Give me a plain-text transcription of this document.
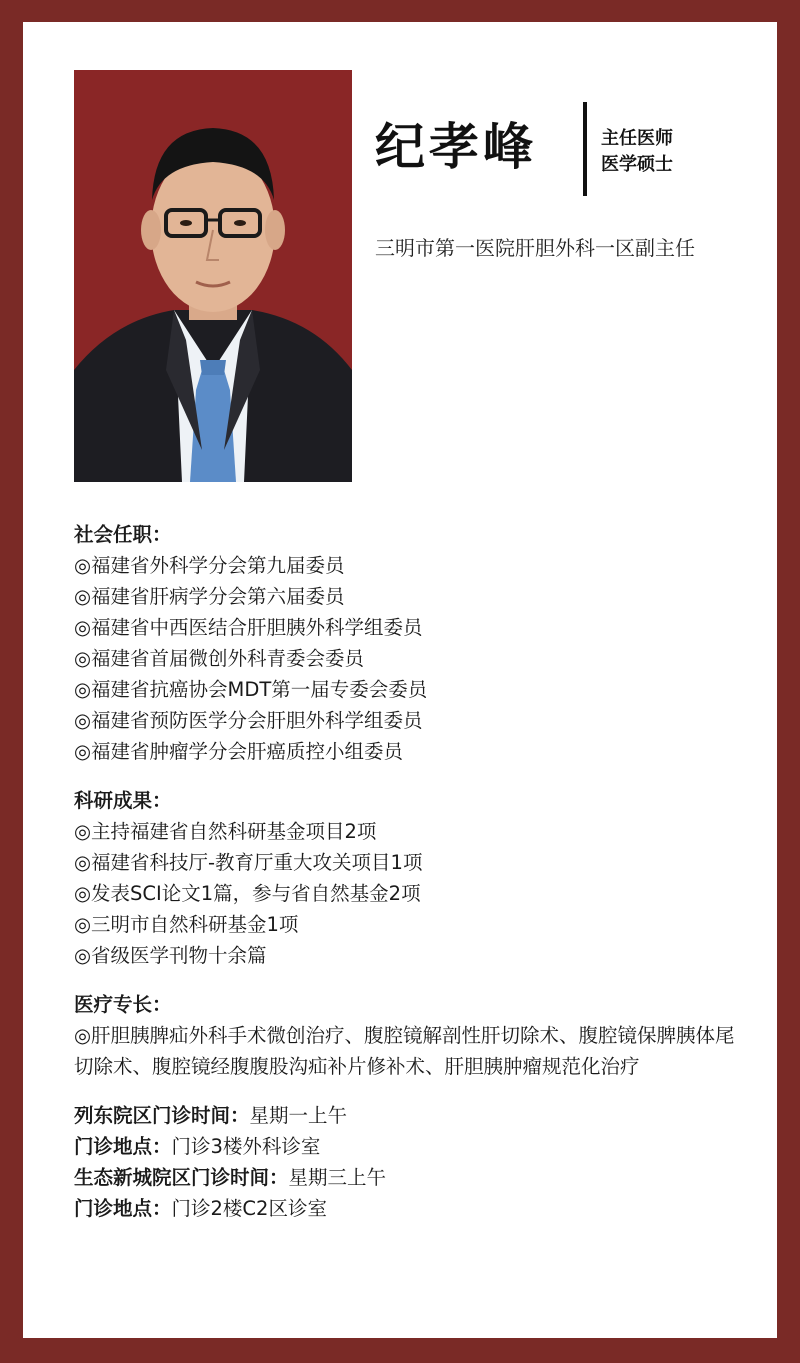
纪孝峰	主任医师
医学硕士
三明市第一医院肝胆外科一区副主任
社会任职：
◎ 福建省外科学分会第九届委员
◎ 福建省肝病学分会第六届委员
◎ 福建省中西医结合肝胆胰外科学组委员
◎ 福建省首届微创外科青委会委员
◎ 福建省抗癌协会MDT第一届专委会委员
◎ 福建省预防医学分会肝胆外科学组委员
◎ 福建省肿瘤学分会肝癌质控小组委员
科研成果：
◎ 主持福建省自然科研基金项目2项
◎ 福建省科技厅-教育厅重大攻关项目1项
◎ 发表SCI论文1篇，参与省自然基金2项
◎ 三明市自然科研基金1项
◎ 省级医学刊物十余篇
医疗专长：
◎ 肝胆胰脾疝外科手术微创治疗、腹腔镜解剖性肝切除术、腹腔镜保脾胰体尾切除术、腹腔镜经腹腹股沟疝补片修补术、肝胆胰肿瘤规范化治疗
列东院区门诊时间：星期一上午
门诊地点：门诊3楼外科诊室
生态新城院区门诊时间：星期三上午
门诊地点：门诊2楼C2区诊室
